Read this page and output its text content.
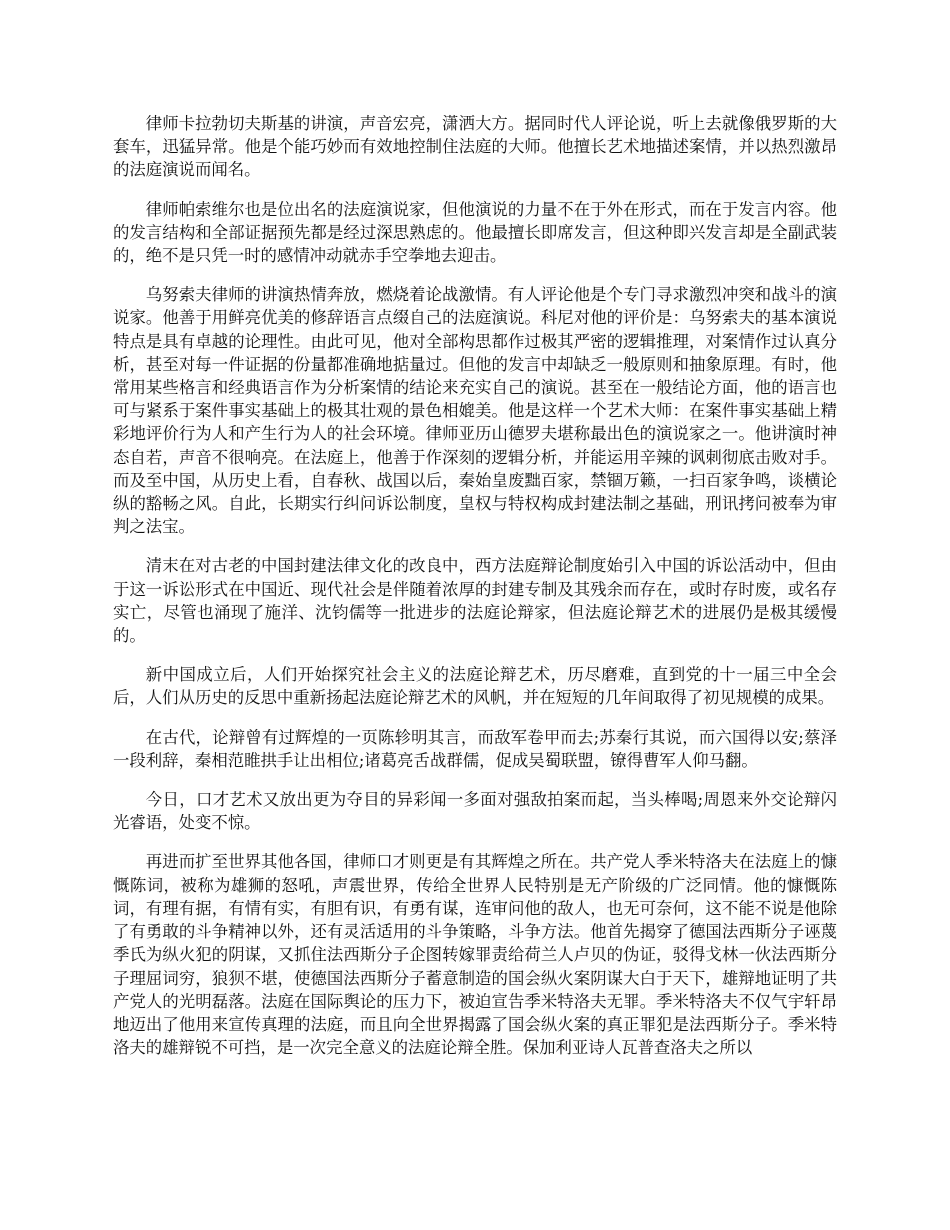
律师卡拉勃切夫斯基的讲演，声音宏亮，潇洒大方。据同时代人评论说，听上去就像俄罗斯的大套车，迅猛异常。他是个能巧妙而有效地控制住法庭的大师。他擅长艺术地描述案情，并以热烈激昂的法庭演说而闻名。

律师帕索维尔也是位出名的法庭演说家，但他演说的力量不在于外在形式，而在于发言内容。他的发言结构和全部证据预先都是经过深思熟虑的。他最擅长即席发言，但这种即兴发言却是全副武装的，绝不是只凭一时的感情冲动就赤手空拳地去迎击。

乌努索夫律师的讲演热情奔放，燃烧着论战激情。有人评论他是个专门寻求激烈冲突和战斗的演说家。他善于用鲜亮优美的修辞语言点缀自己的法庭演说。科尼对他的评价是：乌努索夫的基本演说特点是具有卓越的论理性。由此可见，他对全部构思都作过极其严密的逻辑推理，对案情作过认真分析，甚至对每一件证据的份量都准确地掂量过。但他的发言中却缺乏一般原则和抽象原理。有时，他常用某些格言和经典语言作为分析案情的结论来充实自己的演说。甚至在一般结论方面，他的语言也可与紧系于案件事实基础上的极其壮观的景色相媲美。他是这样一个艺术大师：在案件事实基础上精彩地评价行为人和产生行为人的社会环境。律师亚历山德罗夫堪称最出色的演说家之一。他讲演时神态自若，声音不很响亮。在法庭上，他善于作深刻的逻辑分析，并能运用辛辣的讽刺彻底击败对手。而及至中国，从历史上看，自春秋、战国以后，秦始皇废黜百家，禁锢万籁，一扫百家争鸣，谈横论纵的豁畅之风。自此，长期实行纠问诉讼制度，皇权与特权构成封建法制之基础，刑讯拷问被奉为审判之法宝。

清末在对古老的中国封建法律文化的改良中，西方法庭辩论制度始引入中国的诉讼活动中，但由于这一诉讼形式在中国近、现代社会是伴随着浓厚的封建专制及其残余而存在，或时存时废，或名存实亡，尽管也涌现了施洋、沈钧儒等一批进步的法庭论辩家，但法庭论辩艺术的进展仍是极其缓慢的。

新中国成立后，人们开始探究社会主义的法庭论辩艺术，历尽磨难，直到党的十一届三中全会后，人们从历史的反思中重新扬起法庭论辩艺术的风帆，并在短短的几年间取得了初见规模的成果。

在古代，论辩曾有过辉煌的一页陈轸明其言，而敌军卷甲而去;苏秦行其说，而六国得以安;蔡泽一段利辞，秦相范睢拱手让出相位;诸葛亮舌战群儒，促成吴蜀联盟，镣得曹军人仰马翻。

今日，口才艺术又放出更为夺目的异彩闻一多面对强敌拍案而起，当头棒喝;周恩来外交论辩闪光睿语，处变不惊。

再进而扩至世界其他各国，律师口才则更是有其辉煌之所在。共产党人季米特洛夫在法庭上的慷慨陈词，被称为雄狮的怒吼，声震世界，传给全世界人民特别是无产阶级的广泛同情。他的慷慨陈词，有理有据，有情有实，有胆有识，有勇有谋，连审问他的敌人，也无可奈何，这不能不说是他除了有勇敢的斗争精神以外，还有灵活适用的斗争策略，斗争方法。他首先揭穿了德国法西斯分子诬蔑季氏为纵火犯的阴谋，又抓住法西斯分子企图转嫁罪责给荷兰人卢贝的伪证，驳得戈林一伙法西斯分子理屈词穷，狼狈不堪，使德国法西斯分子蓄意制造的国会纵火案阴谋大白于天下，雄辩地证明了共产党人的光明磊落。法庭在国际舆论的压力下，被迫宣告季米特洛夫无罪。季米特洛夫不仅气宇轩昂地迈出了他用来宣传真理的法庭，而且向全世界揭露了国会纵火案的真正罪犯是法西斯分子。季米特洛夫的雄辩锐不可挡，是一次完全意义的法庭论辩全胜。保加利亚诗人瓦普查洛夫之所以
